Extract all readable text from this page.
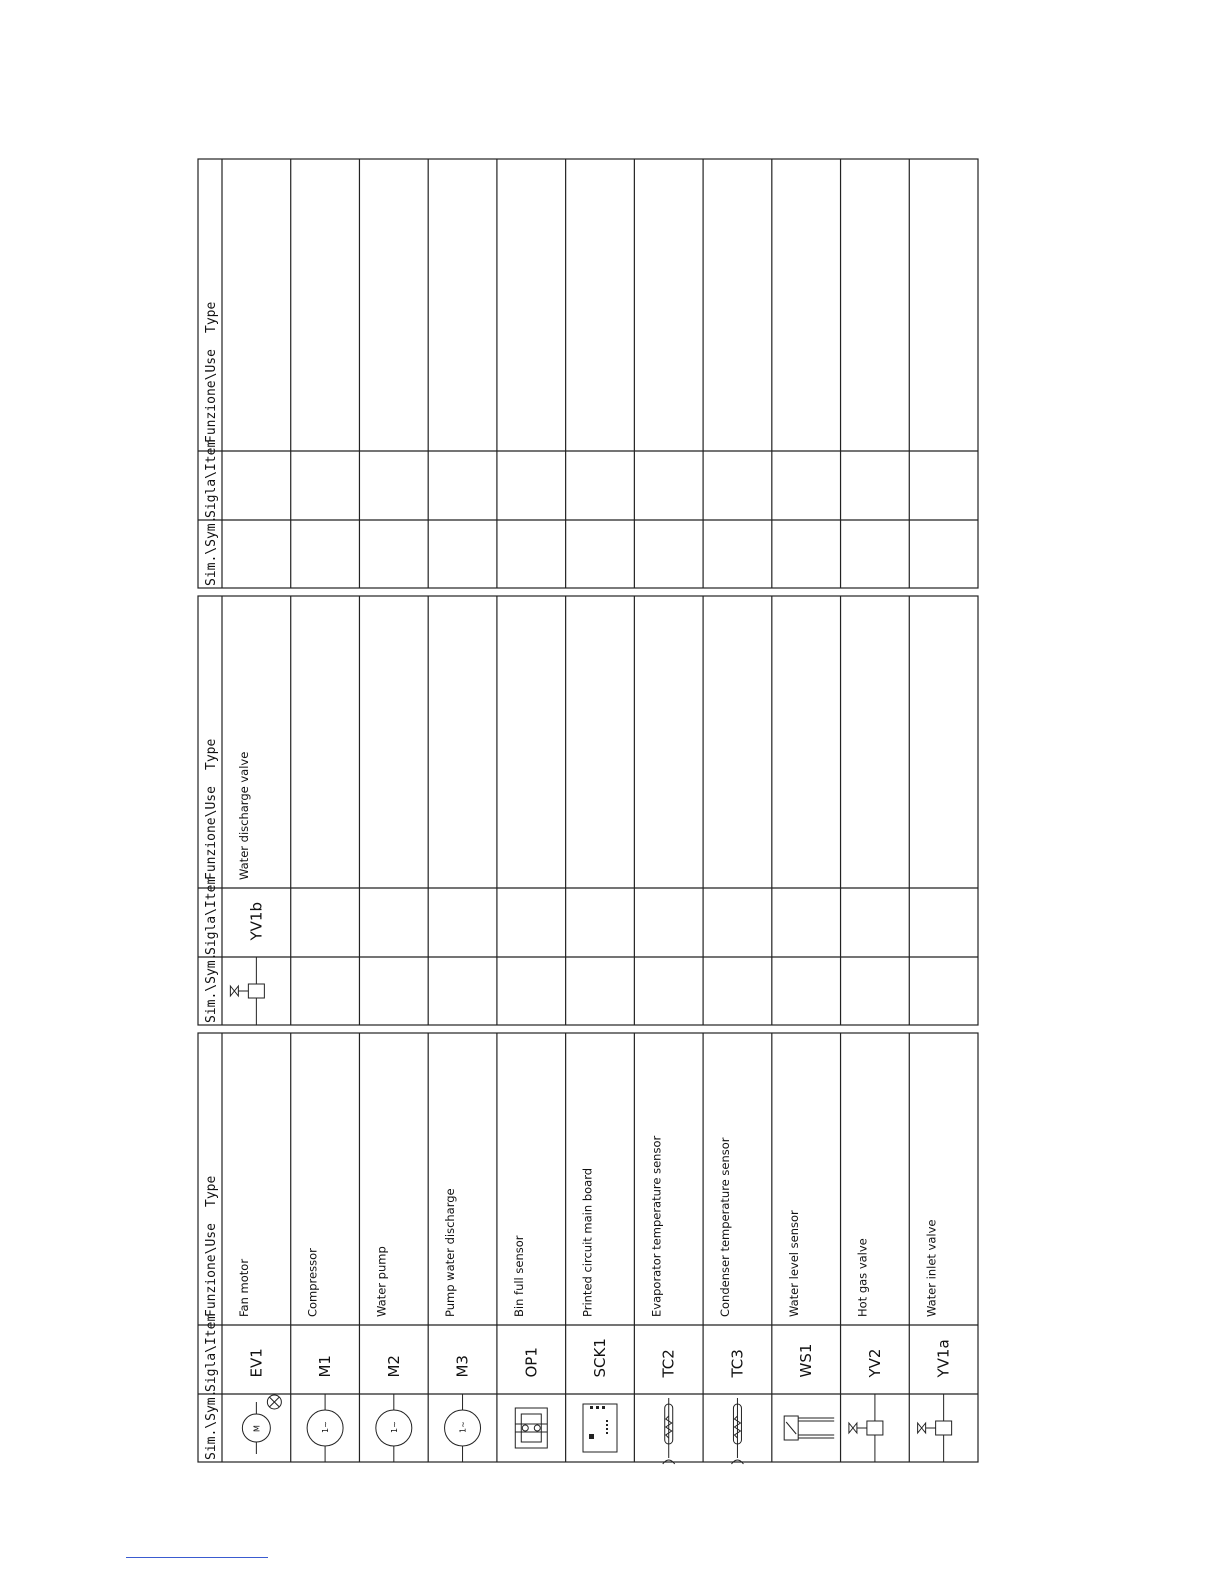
Sim.\Sym.
Sigla\Item
Funzione\Use
Type
M
EV1
Fan motor
1~
M1
Compressor
1~
M2
Water pump
1~
M3
Pump water discharge
OP1
Bin full sensor
SCK1
Printed circuit main board
TC2
Evaporator temperature sensor
TC3
Condenser temperature sensor
WS1
Water level sensor
YV2
Hot gas valve
YV1a
Water inlet valve
Sim.\Sym.
Sigla\Item
Funzione\Use
Type
YV1b
Water discharge valve
Sim.\Sym.
Sigla\Item
Funzione\Use
Type
